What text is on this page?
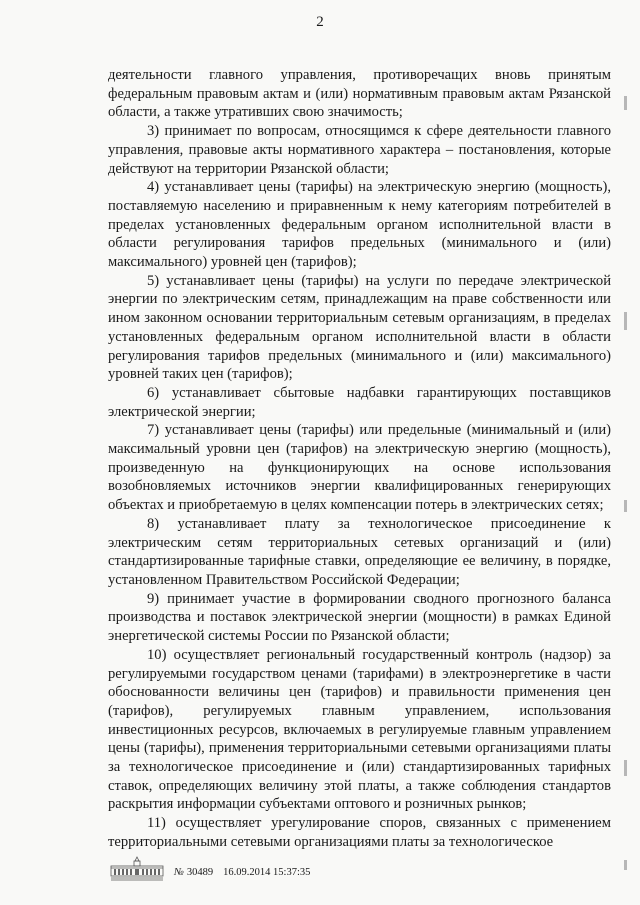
2

деятельности главного управления, противоречащих вновь принятым федеральным правовым актам и (или) нормативным правовым актам Рязанской области, а также утративших свою значимость;

3) принимает по вопросам, относящимся к сфере деятельности главного управления, правовые акты нормативного характера – постановления, которые действуют на территории Рязанской области;

4) устанавливает цены (тарифы) на электрическую энергию (мощность), поставляемую населению и приравненным к нему категориям потребителей в пределах установленных федеральным органом исполнительной власти в области регулирования тарифов предельных (минимального и (или) максимального) уровней цен (тарифов);

5) устанавливает цены (тарифы) на услуги по передаче электрической энергии по электрическим сетям, принадлежащим на праве собственности или ином законном основании территориальным сетевым организациям, в пределах установленных федеральным органом исполнительной власти в области регулирования тарифов предельных (минимального и (или) максимального) уровней таких цен (тарифов);

6) устанавливает сбытовые надбавки гарантирующих поставщиков электрической энергии;

7) устанавливает цены (тарифы) или предельные (минимальный и (или) максимальный уровни цен (тарифов) на электрическую энергию (мощность), произведенную на функционирующих на основе использования возобновляемых источников энергии квалифицированных генерирующих объектах и приобретаемую в целях компенсации потерь в электрических сетях;

8) устанавливает плату за технологическое присоединение к электрическим сетям территориальных сетевых организаций и (или) стандартизированные тарифные ставки, определяющие ее величину, в порядке, установленном Правительством Российской Федерации;

9) принимает участие в формировании сводного прогнозного баланса производства и поставок электрической энергии (мощности) в рамках Единой энергетической системы России по Рязанской области;

10) осуществляет региональный государственный контроль (надзор) за регулируемыми государством ценами (тарифами) в электроэнергетике в части обоснованности величины цен (тарифов) и правильности применения цен (тарифов), регулируемых главным управлением, использования инвестиционных ресурсов, включаемых в регулируемые главным управлением цены (тарифы), применения территориальными сетевыми организациями платы за технологическое присоединение и (или) стандартизированных тарифных ставок, определяющих величину этой платы, а также соблюдения стандартов раскрытия информации субъектами оптового и розничных рынков;

11) осуществляет урегулирование споров, связанных с применением территориальными сетевыми организациями платы за технологическое

№ 30489 16.09.2014 15:37:35
